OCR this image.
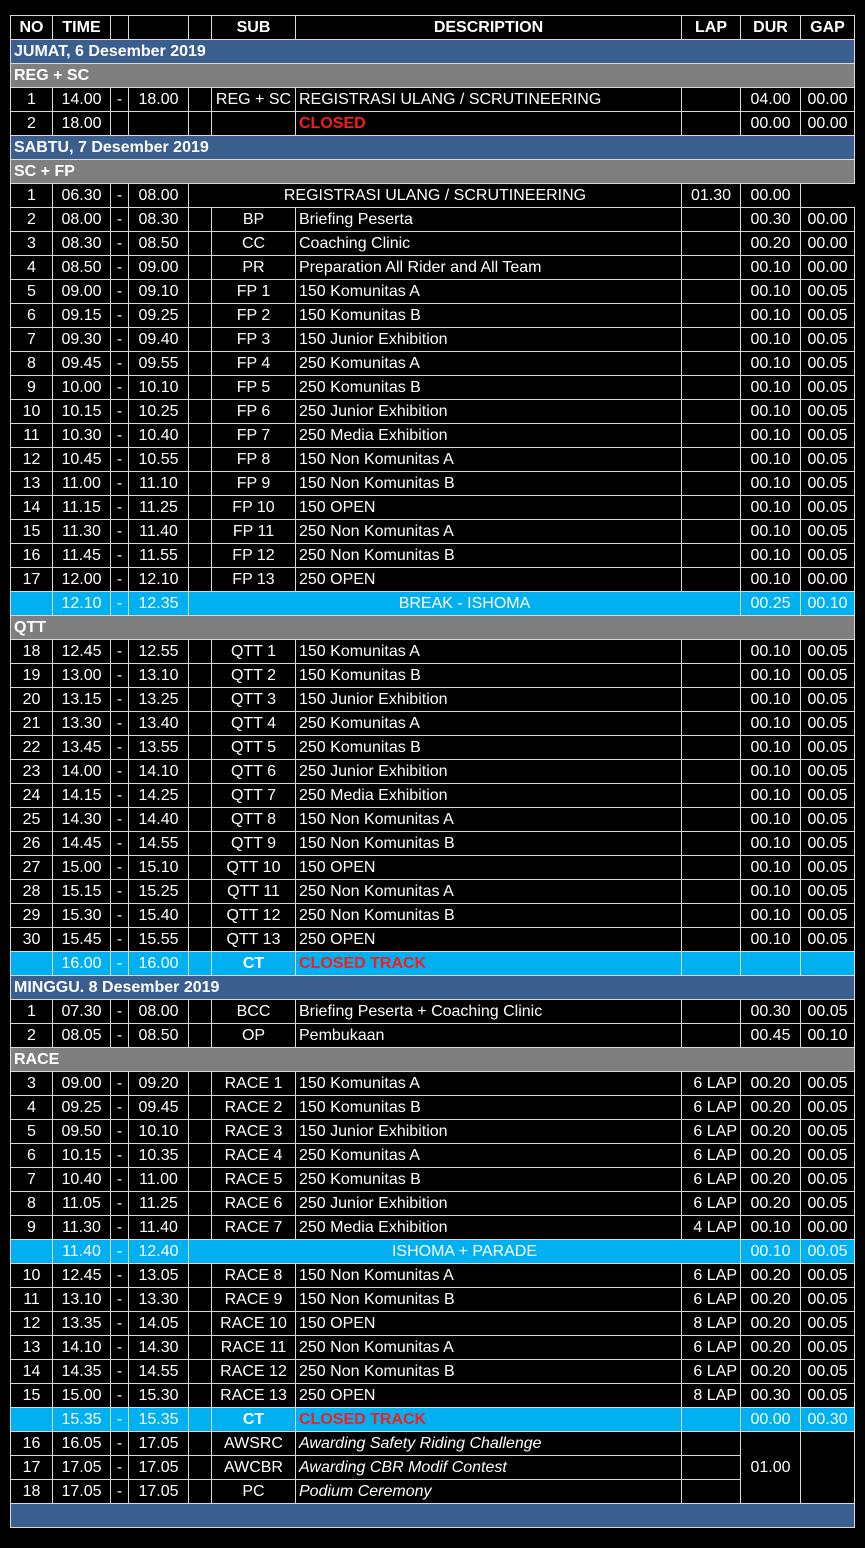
NO	TIME				SUB	DESCRIPTION	LAP	DUR	GAP
JUMAT, 6 Desember 2019									
REG + SC									
1	14.00	-	18.00		REG + SC	REGISTRASI ULANG / SCRUTINEERING		04.00	00.00
2	18.00					CLOSED		00.00	00.00
SABTU, 7 Desember 2019									
SC + FP									
1	06.30	-	08.00	REGISTRASI ULANG / SCRUTINEERING			01.30	00.00	
2	08.00	-	08.30		BP	Briefing Peserta		00.30	00.00
3	08.30	-	08.50		CC	Coaching Clinic		00.20	00.00
4	08.50	-	09.00		PR	Preparation All Rider and All Team		00.10	00.00
5	09.00	-	09.10		FP 1	150 Komunitas A		00.10	00.05
6	09.15	-	09.25		FP 2	150 Komunitas B		00.10	00.05
7	09.30	-	09.40		FP 3	150 Junior Exhibition		00.10	00.05
8	09.45	-	09.55		FP 4	250 Komunitas A		00.10	00.05
9	10.00	-	10.10		FP 5	250 Komunitas B		00.10	00.05
10	10.15	-	10.25		FP 6	250 Junior Exhibition		00.10	00.05
11	10.30	-	10.40		FP 7	250 Media Exhibition		00.10	00.05
12	10.45	-	10.55		FP 8	150 Non Komunitas A		00.10	00.05
13	11.00	-	11.10		FP 9	150 Non Komunitas B		00.10	00.05
14	11.15	-	11.25		FP 10	150 OPEN		00.10	00.05
15	11.30	-	11.40		FP 11	250 Non Komunitas A		00.10	00.05
16	11.45	-	11.55		FP 12	250 Non Komunitas B		00.10	00.05
17	12.00	-	12.10		FP 13	250 OPEN		00.10	00.00
	12.10	-	12.35	BREAK - ISHOMA				00.25	00.10
QTT									
18	12.45	-	12.55		QTT 1	150 Komunitas A		00.10	00.05
19	13.00	-	13.10		QTT 2	150 Komunitas B		00.10	00.05
20	13.15	-	13.25		QTT 3	150 Junior Exhibition		00.10	00.05
21	13.30	-	13.40		QTT 4	250 Komunitas A		00.10	00.05
22	13.45	-	13.55		QTT 5	250 Komunitas B		00.10	00.05
23	14.00	-	14.10		QTT 6	250 Junior Exhibition		00.10	00.05
24	14.15	-	14.25		QTT 7	250 Media Exhibition		00.10	00.05
25	14.30	-	14.40		QTT 8	150 Non Komunitas A		00.10	00.05
26	14.45	-	14.55		QTT 9	150 Non Komunitas B		00.10	00.05
27	15.00	-	15.10		QTT 10	150 OPEN		00.10	00.05
28	15.15	-	15.25		QTT 11	250 Non Komunitas A		00.10	00.05
29	15.30	-	15.40		QTT 12	250 Non Komunitas B		00.10	00.05
30	15.45	-	15.55		QTT 13	250 OPEN		00.10	00.05
	16.00	-	16.00		CT	CLOSED TRACK			
MINGGU. 8 Desember 2019									
1	07.30	-	08.00		BCC	Briefing Peserta + Coaching Clinic		00.30	00.05
2	08.05	-	08.50		OP	Pembukaan		00.45	00.10
RACE									
3	09.00	-	09.20		RACE 1	150 Komunitas A	6 LAP	00.20	00.05
4	09.25	-	09.45		RACE 2	150 Komunitas B	6 LAP	00.20	00.05
5	09.50	-	10.10		RACE 3	150 Junior Exhibition	6 LAP	00.20	00.05
6	10.15	-	10.35		RACE 4	250 Komunitas A	6 LAP	00.20	00.05
7	10.40	-	11.00		RACE 5	250 Komunitas B	6 LAP	00.20	00.05
8	11.05	-	11.25		RACE 6	250 Junior Exhibition	6 LAP	00.20	00.05
9	11.30	-	11.40		RACE 7	250 Media Exhibition	4 LAP	00.10	00.00
	11.40	-	12.40	ISHOMA + PARADE				00.10	00.05
10	12.45	-	13.05		RACE 8	150 Non Komunitas A	6 LAP	00.20	00.05
11	13.10	-	13.30		RACE 9	150 Non Komunitas B	6 LAP	00.20	00.05
12	13.35	-	14.05		RACE 10	150 OPEN	8 LAP	00.20	00.05
13	14.10	-	14.30		RACE 11	250 Non Komunitas A	6 LAP	00.20	00.05
14	14.35	-	14.55		RACE 12	250 Non Komunitas B	6 LAP	00.20	00.05
15	15.00	-	15.30		RACE 13	250 OPEN	8 LAP	00.30	00.05
	15.35	-	15.35		CT	CLOSED TRACK		00.00	00.30
16	16.05	-	17.05		AWSRC	Awarding Safety Riding Challenge		01.00	
17	17.05	-	17.05		AWCBR	Awarding CBR Modif Contest			
18	17.05	-	17.05		PC	Podium Ceremony			
